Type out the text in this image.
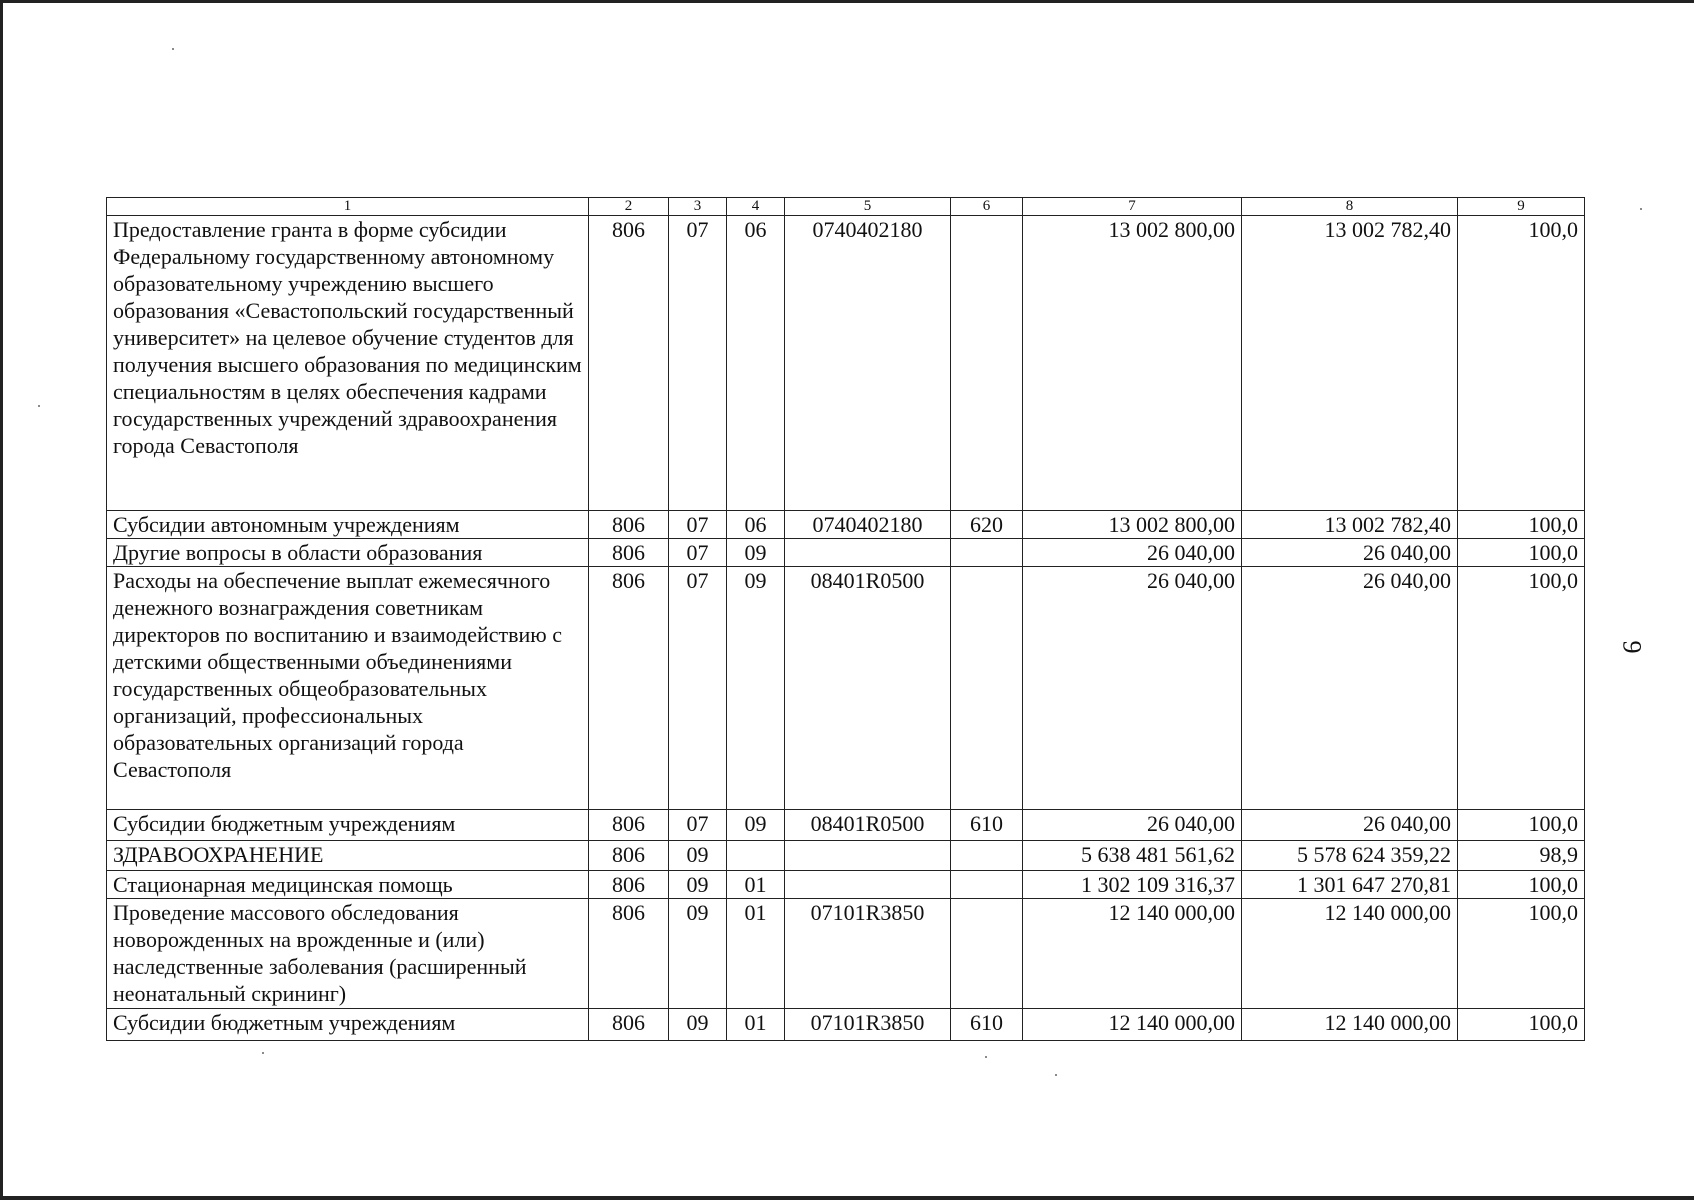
1	2	3	4	5	6	7	8	9
Предоставление гранта в форме субсидии Федеральному государственному автономному образовательному учреждению высшего образования «Севастопольский государственный университет» на целевое обучение студентов для получения высшего образования по медицинским специальностям в целях обеспечения кадрами государственных учреждений здравоохранения города Севастополя	806	07	06	0740402180		13 002 800,00	13 002 782,40	100,0
Субсидии автономным учреждениям	806	07	06	0740402180	620	13 002 800,00	13 002 782,40	100,0
Другие вопросы в области образования	806	07	09			26 040,00	26 040,00	100,0
Расходы на обеспечение выплат ежемесячного денежного вознаграждения советникам директоров по воспитанию и взаимодействию с детскими общественными объединениями государственных общеобразовательных организаций, профессиональных образовательных организаций города Севастополя	806	07	09	08401R0500		26 040,00	26 040,00	100,0
Субсидии бюджетным учреждениям	806	07	09	08401R0500	610	26 040,00	26 040,00	100,0
ЗДРАВООХРАНЕНИЕ	806	09				5 638 481 561,62	5 578 624 359,22	98,9
Стационарная медицинская помощь	806	09	01			1 302 109 316,37	1 301 647 270,81	100,0
Проведение массового обследования новорожденных на врожденные и (или) наследственные заболевания (расширенный неонатальный скрининг)	806	09	01	07101R3850		12 140 000,00	12 140 000,00	100,0
Субсидии бюджетным учреждениям	806	09	01	07101R3850	610	12 140 000,00	12 140 000,00	100,0
9
